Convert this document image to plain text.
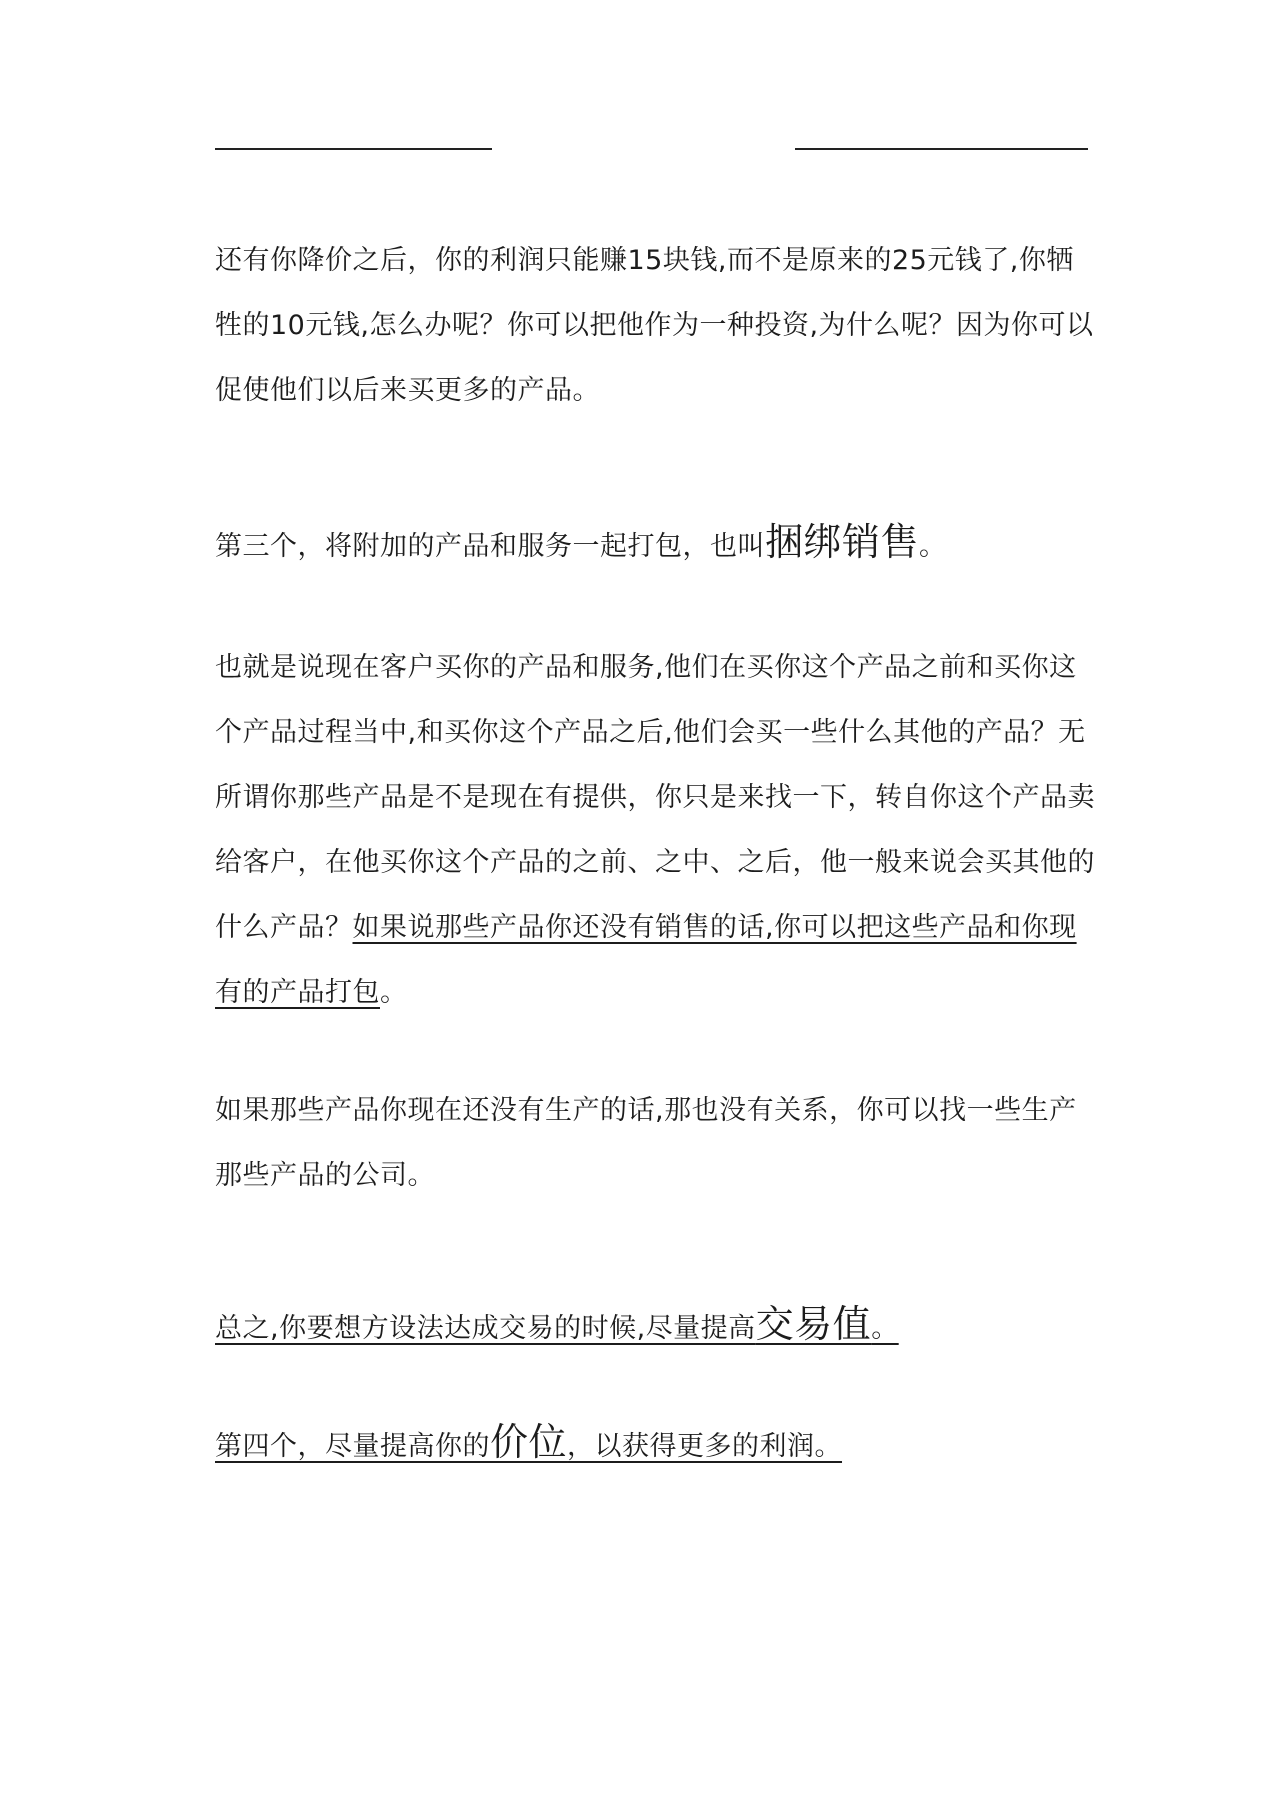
还有你降价之后，你的利润只能赚15块钱,而不是原来的25元钱了,你牺牲的10元钱,怎么办呢？你可以把他作为一种投资,为什么呢？因为你可以促使他们以后来买更多的产品。

第三个，将附加的产品和服务一起打包，也叫捆绑销售。

也就是说现在客户买你的产品和服务,他们在买你这个产品之前和买你这个产品过程当中,和买你这个产品之后,他们会买一些什么其他的产品？无所谓你那些产品是不是现在有提供，你只是来找一下，转自你这个产品卖给客户，在他买你这个产品的之前、之中、之后，他一般来说会买其他的什么产品？如果说那些产品你还没有销售的话,你可以把这些产品和你现有的产品打包。

如果那些产品你现在还没有生产的话,那也没有关系，你可以找一些生产那些产品的公司。

总之,你要想方设法达成交易的时候,尽量提高交易值。

第四个，尽量提高你的价位，以获得更多的利润。
